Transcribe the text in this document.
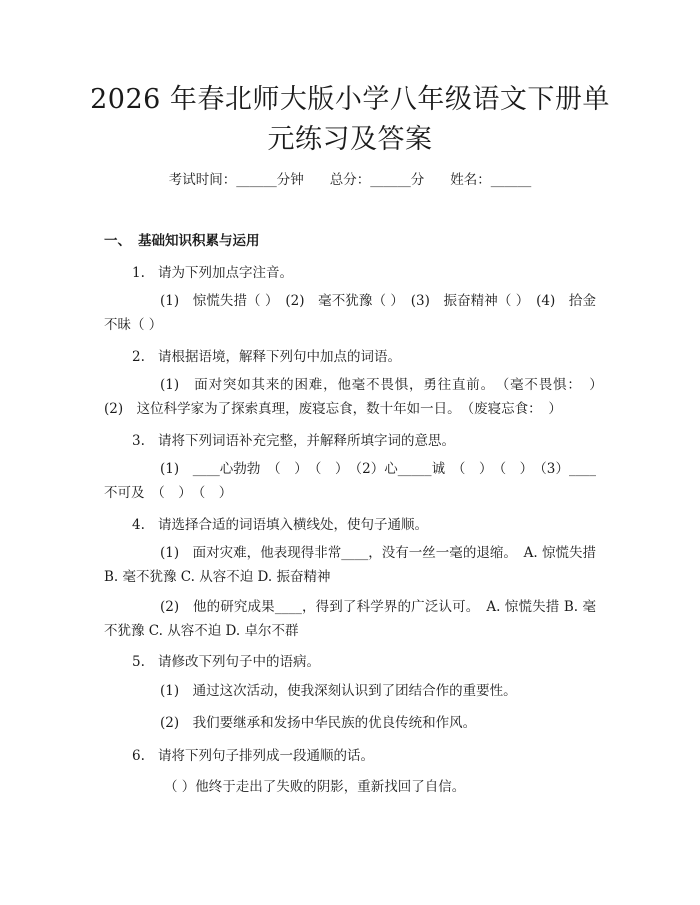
2026 年春北师大版小学八年级语文下册单元练习及答案
考试时间：______分钟 总分：______分 姓名：______
一、 基础知识积累与运用
1. 请为下列加点字注音。
(1)　惊慌失措（ ）　(2)　毫不犹豫（ ）　(3)　振奋精神（ ）　(4)　拾金不昧（ ）
2. 请根据语境，解释下列句中加点的词语。
(1)　面对突如其来的困难，他毫不畏惧，勇往直前。　（毫不畏惧：　）　(2)　这位科学家为了探索真理，废寝忘食，数十年如一日。　（废寝忘食：　）
3. 请将下列词语补充完整，并解释所填字词的意思。
(1)　____心勃勃　（　）　（　）　（2）心_____诚　（　）　（　）　（3）____不可及　（　）　（　）
4. 请选择合适的词语填入横线处，使句子通顺。
(1)　面对灾难，他表现得非常____，没有一丝一毫的退缩。　A. 惊慌失措 B. 毫不犹豫 C. 从容不迫 D. 振奋精神
(2)　他的研究成果____，得到了科学界的广泛认可。　A. 惊慌失措 B. 毫不犹豫 C. 从容不迫 D. 卓尔不群
5. 请修改下列句子中的语病。
(1)　通过这次活动，使我深刻认识到了团结合作的重要性。
(2)　我们要继承和发扬中华民族的优良传统和作风。
6. 请将下列句子排列成一段通顺的话。
（ ）他终于走出了失败的阴影，重新找回了自信。
